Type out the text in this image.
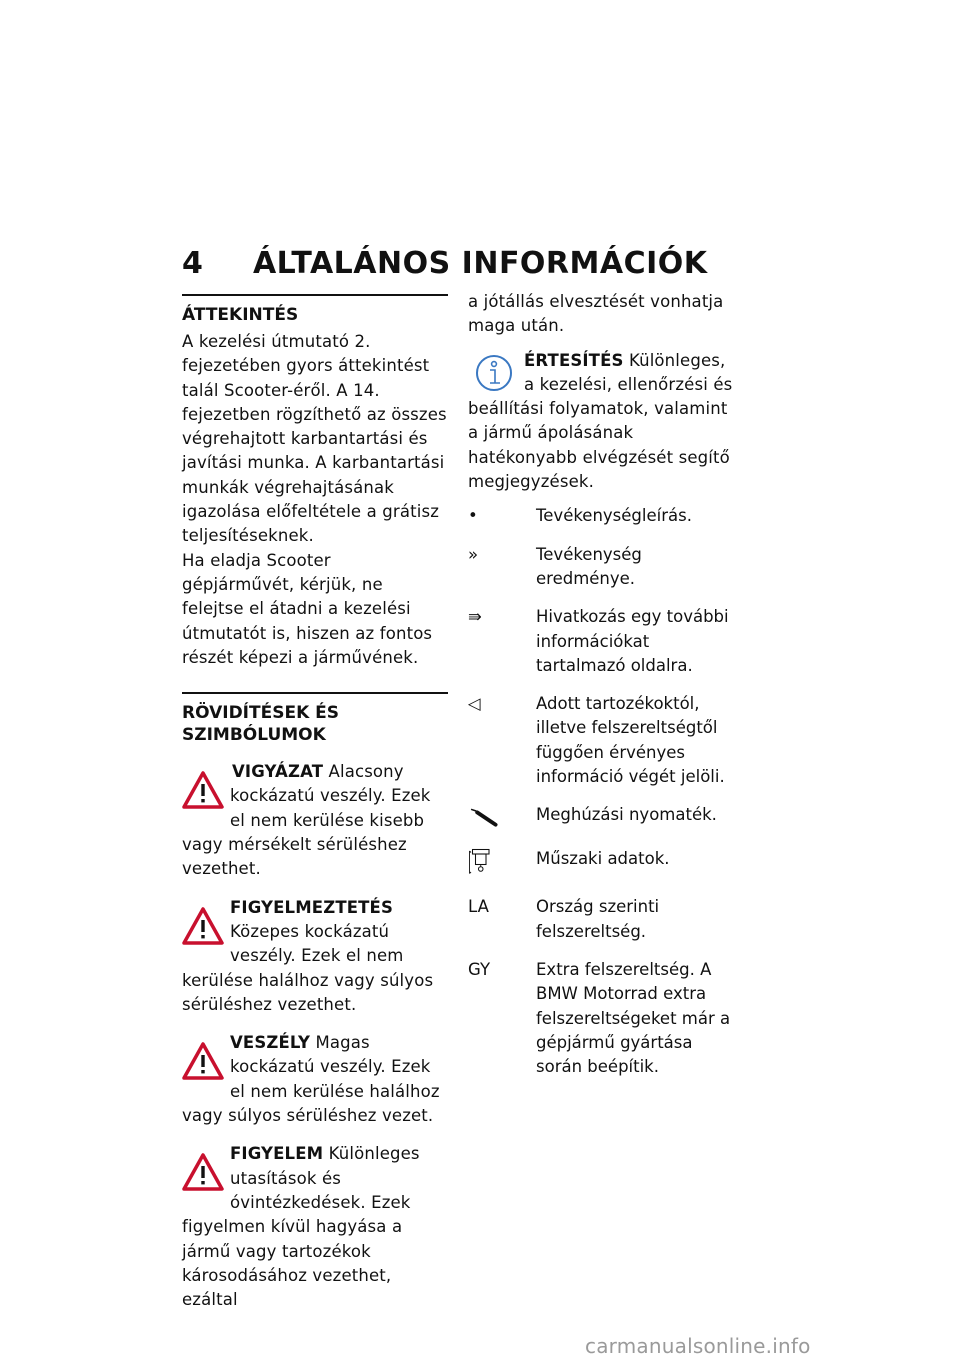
4 ÁLTALÁNOS INFORMÁCIÓK
ÁTTEKINTÉS

A kezelési útmutató 2. fejezetében gyors áttekintést talál Scooter-éről. A 14. fejezetben rögzíthető az összes végrehajtott karbantartási és javítási munka. A karbantartási munkák végrehajtásának igazolása előfeltétele a grátisz teljesítéseknek.

Ha eladja Scooter gépjárművét, kérjük, ne felejtse el átadni a kezelési útmutatót is, hiszen az fontos részét képezi a járművének.

RÖVIDÍTÉSEK ÉS SZIMBÓLUMOK

VIGYÁZAT Alacsony kockázatú veszély. Ezek el nem kerülése kisebb vagy mérsékelt sérüléshez vezethet.

FIGYELMEZTETÉS Közepes kockázatú veszély. Ezek el nem kerülése halálhoz vagy súlyos sérüléshez vezethet.

VESZÉLY Magas kockázatú veszély. Ezek el nem kerülése halálhoz vagy súlyos sérüléshez vezet.

FIGYELEM Különleges utasítások és óvintézkedések. Ezek figyelmen kívül hagyása a jármű vagy tartozékok károsodásához vezethet, ezáltal

a jótállás elvesztését vonhatja maga után.

ÉRTESÍTÉS Különleges, a kezelési, ellenőrzési és beállítási folyamatok, valamint a jármű ápolásának hatékonyabb elvégzését segítő megjegyzések.

•	Tevékenységleírás.
»	Tevékenység eredménye.
⇛	Hivatkozás egy további információkat tartalmazó oldalra.
◁	Adott tartozékoktól, illetve felszereltségtől függően érvényes információ végét jelöli.
Meghúzási nyomaték.
Műszaki adatok.
LA	Ország szerinti felszereltség.
GY	Extra felszereltség. A BMW Motorrad extra felszereltségeket már a gépjármű gyártása során beépítik.
carmanualsonline.info
